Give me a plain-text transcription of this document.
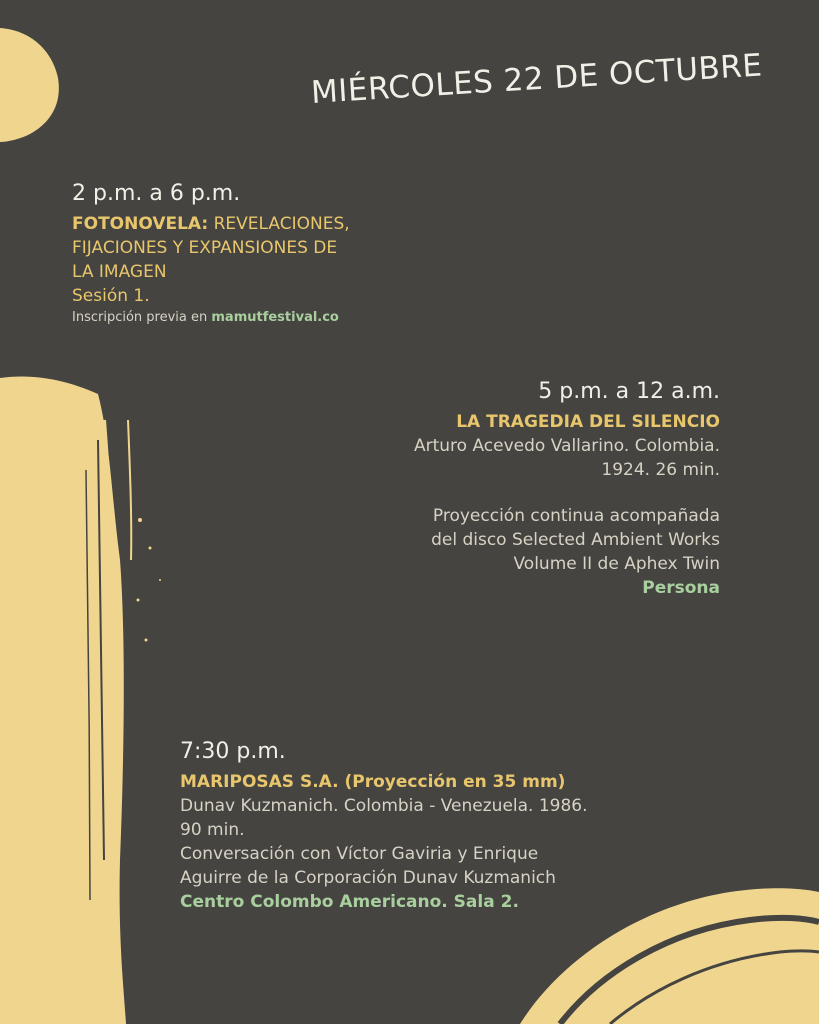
MIÉRCOLES 22 DE OCTUBRE
2 p.m. a 6 p.m.
FOTONOVELA: REVELACIONES,
FIJACIONES Y EXPANSIONES DE
LA IMAGEN
Sesión 1.
Inscripción previa en mamutfestival.co
5 p.m. a 12 a.m.
LA TRAGEDIA DEL SILENCIO
Arturo Acevedo Vallarino. Colombia.
1924. 26 min.
Proyección continua acompañada
del disco Selected Ambient Works
Volume II de Aphex Twin
Persona
7:30 p.m.
MARIPOSAS S.A. (Proyección en 35 mm)
Dunav Kuzmanich. Colombia - Venezuela. 1986.
90 min.
Conversación con Víctor Gaviria y Enrique
Aguirre de la Corporación Dunav Kuzmanich
Centro Colombo Americano. Sala 2.
